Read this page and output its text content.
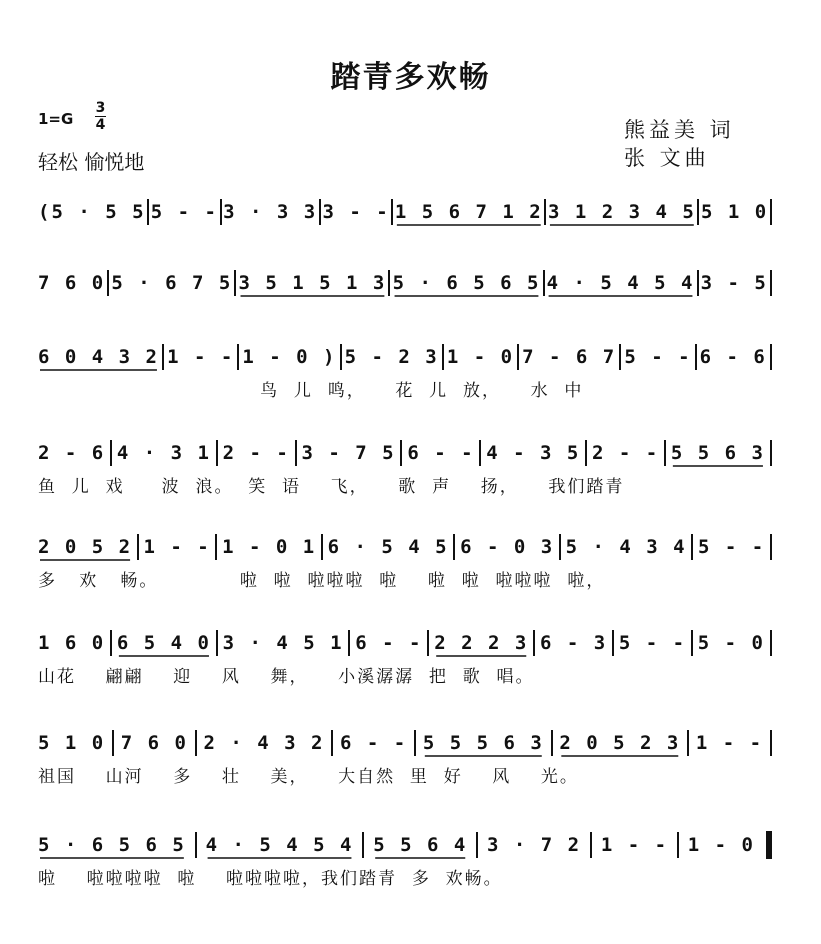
踏青多欢畅
1=G
3
4
轻松 愉悦地
熊益美 词
张 文曲
(5 · 5 5 5 - - 3 · 3 3 3 - - 1 5 6 7 1 2 3 1 2 3 4 5 5 1 0
7 6 0 5 · 6 7 5 3 5 1 5 1 3 5 · 6 5 6 5 4 · 5 4 5 4 3 - 5
6 0 4 3 2 1 - - 1 - 0 ) 5 - 2 3 1 - 0 7 - 6 7 5 - - 6 - 6
鸟  儿  鸣，    花  儿  放，    水  中
2 - 6 4 · 3 1 2 - - 3 - 7 5 6 - - 4 - 3 5 2 - - 5 5 6 3
鱼  儿  戏     波  浪。  笑  语    飞，    歌  声    扬，    我们踏青
2 0 5 2 1 - - 1 - 0 1 6 · 5 4 5 6 - 0 3 5 · 4 3 4 5 - -
多   欢   畅。           啦  啦  啦啦啦  啦    啦  啦  啦啦啦  啦，
1 6 0 6 5 4 0 3 · 4 5 1 6 - - 2 2 2 3 6 - 3 5 - - 5 - 0
山花    翩翩    迎    风    舞，    小溪潺潺  把  歌  唱。
5 1 0 7 6 0 2 · 4 3 2 6 - - 5 5 5 6 3 2 0 5 2 3 1 - -
祖国    山河    多    壮    美，    大自然  里  好    风    光。
5 · 6 5 6 5 4 · 5 4 5 4 5 5 6 4 3 · 7 2 1 - - 1 - 0
啦    啦啦啦啦  啦    啦啦啦啦，我们踏青  多  欢畅。
